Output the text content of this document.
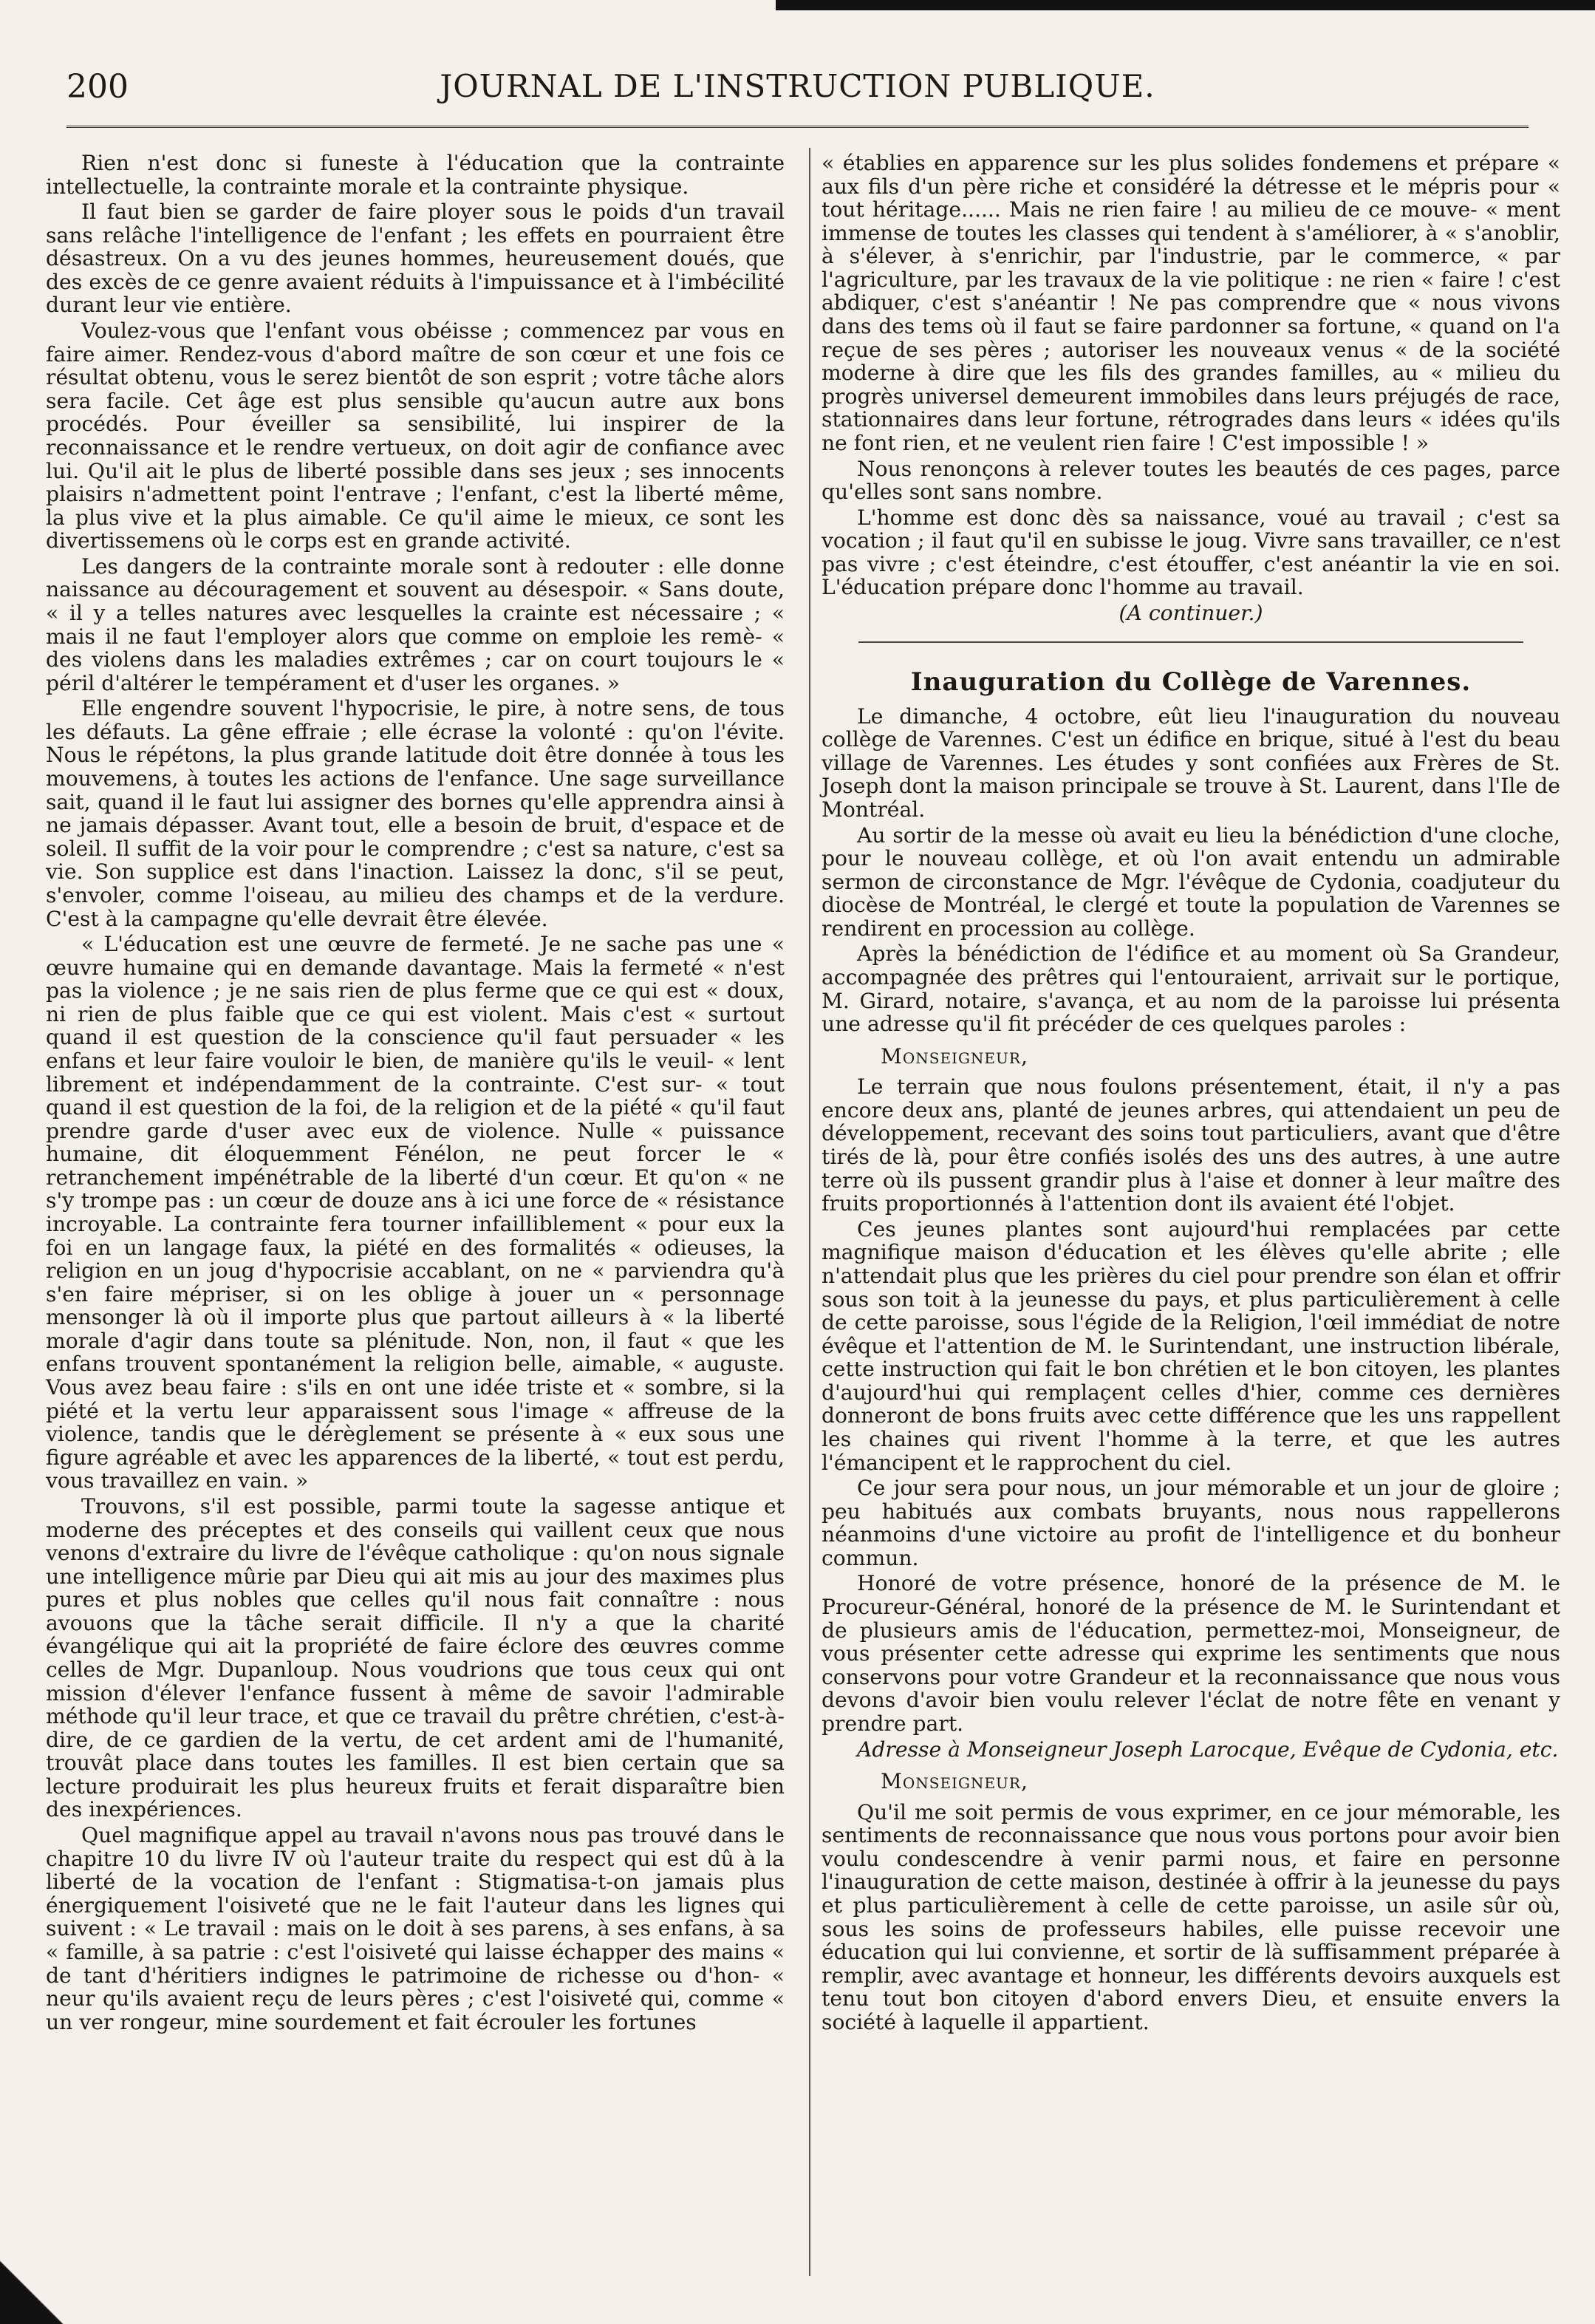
200	JOURNAL DE L'INSTRUCTION PUBLIQUE.

Rien n'est donc si funeste à l'éducation que la contrainte intellectuelle, la contrainte morale et la contrainte physique.

Il faut bien se garder de faire ployer sous le poids d'un travail sans relâche l'intelligence de l'enfant ; les effets en pourraient être désastreux. On a vu des jeunes hommes, heureusement doués, que des excès de ce genre avaient réduits à l'impuissance et à l'imbécilité durant leur vie entière.

Voulez-vous que l'enfant vous obéisse ; commencez par vous en faire aimer. Rendez-vous d'abord maître de son cœur et une fois ce résultat obtenu, vous le serez bientôt de son esprit ; votre tâche alors sera facile. Cet âge est plus sensible qu'aucun autre aux bons procédés. Pour éveiller sa sensibilité, lui inspirer de la reconnaissance et le rendre vertueux, on doit agir de confiance avec lui. Qu'il ait le plus de liberté possible dans ses jeux ; ses innocents plaisirs n'admettent point l'entrave ; l'enfant, c'est la liberté même, la plus vive et la plus aimable. Ce qu'il aime le mieux, ce sont les divertissemens où le corps est en grande activité.

Les dangers de la contrainte morale sont à redouter : elle donne naissance au découragement et souvent au désespoir. « Sans doute, « il y a telles natures avec lesquelles la crainte est nécessaire ; « mais il ne faut l'employer alors que comme on emploie les remè- « des violens dans les maladies extrêmes ; car on court toujours le « péril d'altérer le tempérament et d'user les organes. »

Elle engendre souvent l'hypocrisie, le pire, à notre sens, de tous les défauts. La gêne effraie ; elle écrase la volonté : qu'on l'évite. Nous le répétons, la plus grande latitude doit être donnée à tous les mouvemens, à toutes les actions de l'enfance. Une sage surveillance sait, quand il le faut lui assigner des bornes qu'elle apprendra ainsi à ne jamais dépasser. Avant tout, elle a besoin de bruit, d'espace et de soleil. Il suffit de la voir pour le comprendre ; c'est sa nature, c'est sa vie. Son supplice est dans l'inaction. Laissez la donc, s'il se peut, s'envoler, comme l'oiseau, au milieu des champs et de la verdure. C'est à la campagne qu'elle devrait être élevée.

« L'éducation est une œuvre de fermeté. Je ne sache pas une « œuvre humaine qui en demande davantage. Mais la fermeté « n'est pas la violence ; je ne sais rien de plus ferme que ce qui est « doux, ni rien de plus faible que ce qui est violent. Mais c'est « surtout quand il est question de la conscience qu'il faut persuader « les enfans et leur faire vouloir le bien, de manière qu'ils le veuil- « lent librement et indépendamment de la contrainte. C'est sur- « tout quand il est question de la foi, de la religion et de la piété « qu'il faut prendre garde d'user avec eux de violence. Nulle « puissance humaine, dit éloquemment Fénélon, ne peut forcer le « retranchement impénétrable de la liberté d'un cœur. Et qu'on « ne s'y trompe pas : un cœur de douze ans à ici une force de « résistance incroyable. La contrainte fera tourner infailliblement « pour eux la foi en un langage faux, la piété en des formalités « odieuses, la religion en un joug d'hypocrisie accablant, on ne « parviendra qu'à s'en faire mépriser, si on les oblige à jouer un « personnage mensonger là où il importe plus que partout ailleurs à « la liberté morale d'agir dans toute sa plénitude. Non, non, il faut « que les enfans trouvent spontanément la religion belle, aimable, « auguste. Vous avez beau faire : s'ils en ont une idée triste et « sombre, si la piété et la vertu leur apparaissent sous l'image « affreuse de la violence, tandis que le dérèglement se présente à « eux sous une figure agréable et avec les apparences de la liberté, « tout est perdu, vous travaillez en vain. »

Trouvons, s'il est possible, parmi toute la sagesse antique et moderne des préceptes et des conseils qui vaillent ceux que nous venons d'extraire du livre de l'évêque catholique : qu'on nous signale une intelligence mûrie par Dieu qui ait mis au jour des maximes plus pures et plus nobles que celles qu'il nous fait connaître : nous avouons que la tâche serait difficile. Il n'y a que la charité évangélique qui ait la propriété de faire éclore des œuvres comme celles de Mgr. Dupanloup. Nous voudrions que tous ceux qui ont mission d'élever l'enfance fussent à même de savoir l'admirable méthode qu'il leur trace, et que ce travail du prêtre chrétien, c'est-à-dire, de ce gardien de la vertu, de cet ardent ami de l'humanité, trouvât place dans toutes les familles. Il est bien certain que sa lecture produirait les plus heureux fruits et ferait disparaître bien des inexpériences.

Quel magnifique appel au travail n'avons nous pas trouvé dans le chapitre 10 du livre IV où l'auteur traite du respect qui est dû à la liberté de la vocation de l'enfant : Stigmatisa-t-on jamais plus énergiquement l'oisiveté que ne le fait l'auteur dans les lignes qui suivent : « Le travail : mais on le doit à ses parens, à ses enfans, à sa « famille, à sa patrie : c'est l'oisiveté qui laisse échapper des mains « de tant d'héritiers indignes le patrimoine de richesse ou d'hon- « neur qu'ils avaient reçu de leurs pères ; c'est l'oisiveté qui, comme « un ver rongeur, mine sourdement et fait écrouler les fortunes

« établies en apparence sur les plus solides fondemens et prépare « aux fils d'un père riche et considéré la détresse et le mépris pour « tout héritage...... Mais ne rien faire ! au milieu de ce mouve- « ment immense de toutes les classes qui tendent à s'améliorer, à « s'anoblir, à s'élever, à s'enrichir, par l'industrie, par le commerce, « par l'agriculture, par les travaux de la vie politique : ne rien « faire ! c'est abdiquer, c'est s'anéantir ! Ne pas comprendre que « nous vivons dans des tems où il faut se faire pardonner sa fortune, « quand on l'a reçue de ses pères ; autoriser les nouveaux venus « de la société moderne à dire que les fils des grandes familles, au « milieu du progrès universel demeurent immobiles dans leurs préjugés de race, stationnaires dans leur fortune, rétrogrades dans leurs « idées qu'ils ne font rien, et ne veulent rien faire ! C'est impossible ! »

Nous renonçons à relever toutes les beautés de ces pages, parce qu'elles sont sans nombre.

L'homme est donc dès sa naissance, voué au travail ; c'est sa vocation ; il faut qu'il en subisse le joug. Vivre sans travailler, ce n'est pas vivre ; c'est éteindre, c'est étouffer, c'est anéantir la vie en soi. L'éducation prépare donc l'homme au travail.

(A continuer.)

Inauguration du Collège de Varennes.

Le dimanche, 4 octobre, eût lieu l'inauguration du nouveau collège de Varennes. C'est un édifice en brique, situé à l'est du beau village de Varennes. Les études y sont confiées aux Frères de St. Joseph dont la maison principale se trouve à St. Laurent, dans l'Ile de Montréal.

Au sortir de la messe où avait eu lieu la bénédiction d'une cloche, pour le nouveau collège, et où l'on avait entendu un admirable sermon de circonstance de Mgr. l'évêque de Cydonia, coadjuteur du diocèse de Montréal, le clergé et toute la population de Varennes se rendirent en procession au collège.

Après la bénédiction de l'édifice et au moment où Sa Grandeur, accompagnée des prêtres qui l'entouraient, arrivait sur le portique, M. Girard, notaire, s'avança, et au nom de la paroisse lui présenta une adresse qu'il fit précéder de ces quelques paroles :

Monseigneur,

Le terrain que nous foulons présentement, était, il n'y a pas encore deux ans, planté de jeunes arbres, qui attendaient un peu de développement, recevant des soins tout particuliers, avant que d'être tirés de là, pour être confiés isolés des uns des autres, à une autre terre où ils pussent grandir plus à l'aise et donner à leur maître des fruits proportionnés à l'attention dont ils avaient été l'objet.

Ces jeunes plantes sont aujourd'hui remplacées par cette magnifique maison d'éducation et les élèves qu'elle abrite ; elle n'attendait plus que les prières du ciel pour prendre son élan et offrir sous son toit à la jeunesse du pays, et plus particulièrement à celle de cette paroisse, sous l'égide de la Religion, l'œil immédiat de notre évêque et l'attention de M. le Surintendant, une instruction libérale, cette instruction qui fait le bon chrétien et le bon citoyen, les plantes d'aujourd'hui qui remplaçent celles d'hier, comme ces dernières donneront de bons fruits avec cette différence que les uns rappellent les chaines qui rivent l'homme à la terre, et que les autres l'émancipent et le rapprochent du ciel.

Ce jour sera pour nous, un jour mémorable et un jour de gloire ; peu habitués aux combats bruyants, nous nous rappellerons néanmoins d'une victoire au profit de l'intelligence et du bonheur commun.

Honoré de votre présence, honoré de la présence de M. le Procureur-Général, honoré de la présence de M. le Surintendant et de plusieurs amis de l'éducation, permettez-moi, Monseigneur, de vous présenter cette adresse qui exprime les sentiments que nous conservons pour votre Grandeur et la reconnaissance que nous vous devons d'avoir bien voulu relever l'éclat de notre fête en venant y prendre part.

Adresse à Monseigneur Joseph Larocque, Evêque de Cydonia, etc.

Monseigneur,

Qu'il me soit permis de vous exprimer, en ce jour mémorable, les sentiments de reconnaissance que nous vous portons pour avoir bien voulu condescendre à venir parmi nous, et faire en personne l'inauguration de cette maison, destinée à offrir à la jeunesse du pays et plus particulièrement à celle de cette paroisse, un asile sûr où, sous les soins de professeurs habiles, elle puisse recevoir une éducation qui lui convienne, et sortir de là suffisamment préparée à remplir, avec avantage et honneur, les différents devoirs auxquels est tenu tout bon citoyen d'abord envers Dieu, et ensuite envers la société à laquelle il appartient.
